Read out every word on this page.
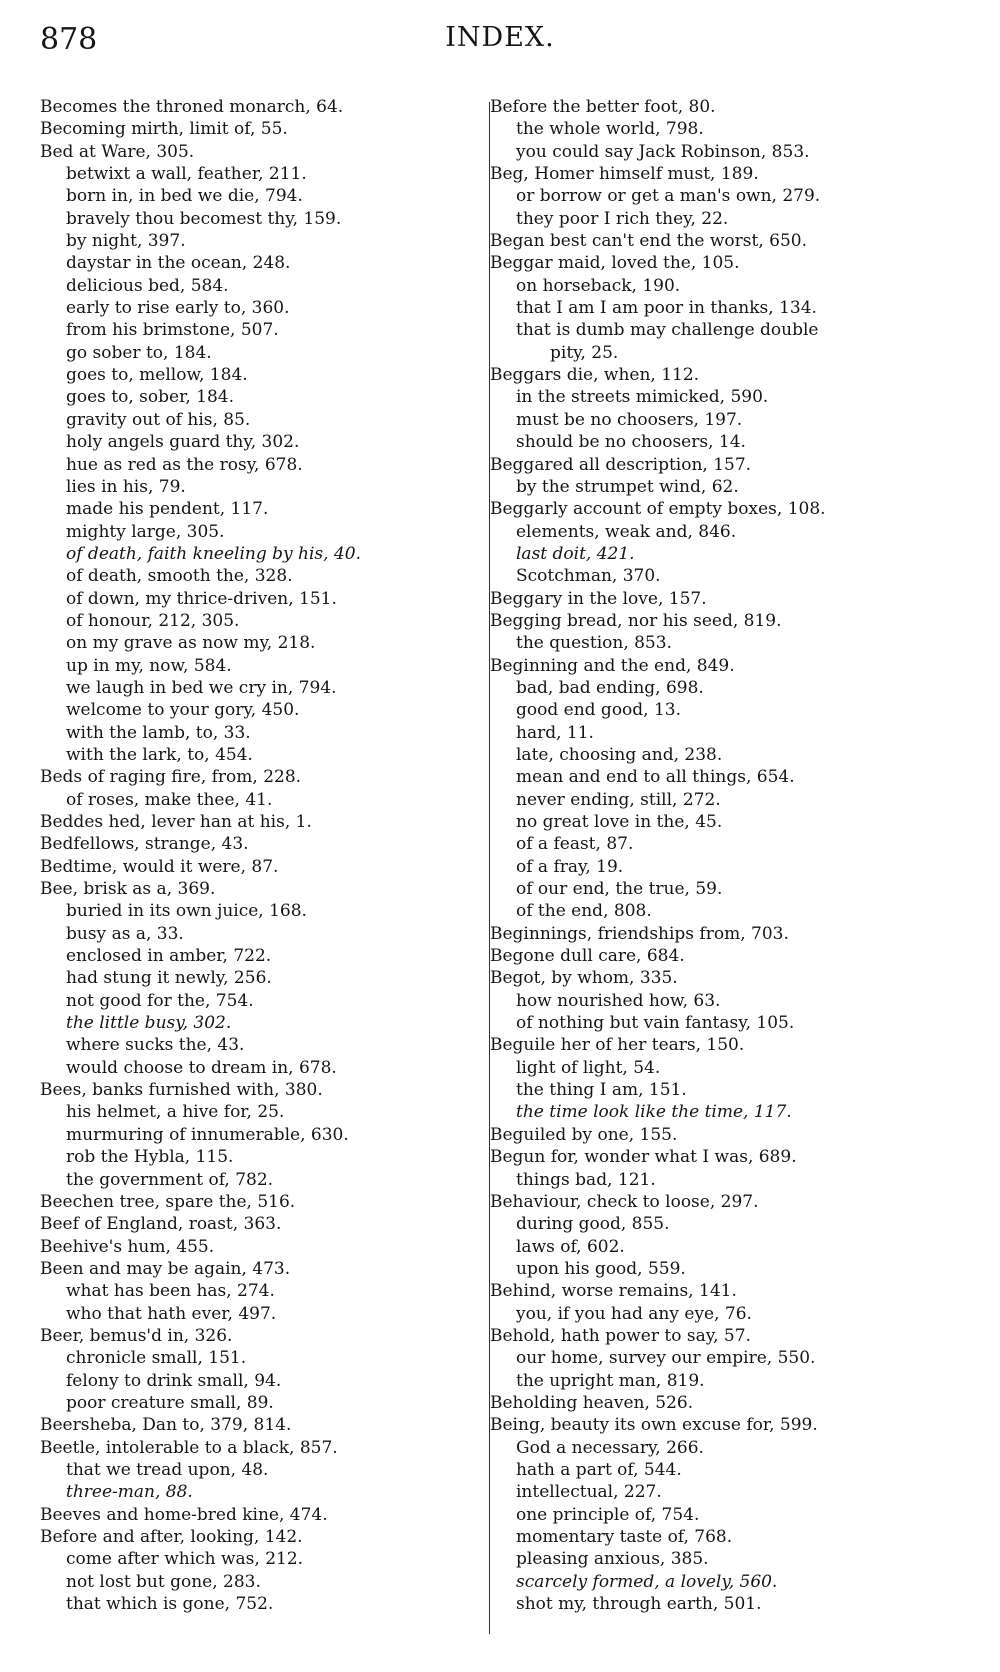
878	INDEX.
Becomes the throned monarch, 64.
Becoming mirth, limit of, 55.
Bed at Ware, 305.
betwixt a wall, feather, 211.
born in, in bed we die, 794.
bravely thou becomest thy, 159.
by night, 397.
daystar in the ocean, 248.
delicious bed, 584.
early to rise early to, 360.
from his brimstone, 507.
go sober to, 184.
goes to, mellow, 184.
goes to, sober, 184.
gravity out of his, 85.
holy angels guard thy, 302.
hue as red as the rosy, 678.
lies in his, 79.
made his pendent, 117.
mighty large, 305.
of death, faith kneeling by his, 40.
of death, smooth the, 328.
of down, my thrice-driven, 151.
of honour, 212, 305.
on my grave as now my, 218.
up in my, now, 584.
we laugh in bed we cry in, 794.
welcome to your gory, 450.
with the lamb, to, 33.
with the lark, to, 454.
Beds of raging fire, from, 228.
of roses, make thee, 41.
Beddes hed, lever han at his, 1.
Bedfellows, strange, 43.
Bedtime, would it were, 87.
Bee, brisk as a, 369.
buried in its own juice, 168.
busy as a, 33.
enclosed in amber, 722.
had stung it newly, 256.
not good for the, 754.
the little busy, 302.
where sucks the, 43.
would choose to dream in, 678.
Bees, banks furnished with, 380.
his helmet, a hive for, 25.
murmuring of innumerable, 630.
rob the Hybla, 115.
the government of, 782.
Beechen tree, spare the, 516.
Beef of England, roast, 363.
Beehive's hum, 455.
Been and may be again, 473.
what has been has, 274.
who that hath ever, 497.
Beer, bemus'd in, 326.
chronicle small, 151.
felony to drink small, 94.
poor creature small, 89.
Beersheba, Dan to, 379, 814.
Beetle, intolerable to a black, 857.
that we tread upon, 48.
three-man, 88.
Beeves and home-bred kine, 474.
Before and after, looking, 142.
come after which was, 212.
not lost but gone, 283.
that which is gone, 752.
Before the better foot, 80.
the whole world, 798.
you could say Jack Robinson, 853.
Beg, Homer himself must, 189.
or borrow or get a man's own, 279.
they poor I rich they, 22.
Began best can't end the worst, 650.
Beggar maid, loved the, 105.
on horseback, 190.
that I am I am poor in thanks, 134.
that is dumb may challenge double
pity, 25.
Beggars die, when, 112.
in the streets mimicked, 590.
must be no choosers, 197.
should be no choosers, 14.
Beggared all description, 157.
by the strumpet wind, 62.
Beggarly account of empty boxes, 108.
elements, weak and, 846.
last doit, 421.
Scotchman, 370.
Beggary in the love, 157.
Begging bread, nor his seed, 819.
the question, 853.
Beginning and the end, 849.
bad, bad ending, 698.
good end good, 13.
hard, 11.
late, choosing and, 238.
mean and end to all things, 654.
never ending, still, 272.
no great love in the, 45.
of a feast, 87.
of a fray, 19.
of our end, the true, 59.
of the end, 808.
Beginnings, friendships from, 703.
Begone dull care, 684.
Begot, by whom, 335.
how nourished how, 63.
of nothing but vain fantasy, 105.
Beguile her of her tears, 150.
light of light, 54.
the thing I am, 151.
the time look like the time, 117.
Beguiled by one, 155.
Begun for, wonder what I was, 689.
things bad, 121.
Behaviour, check to loose, 297.
during good, 855.
laws of, 602.
upon his good, 559.
Behind, worse remains, 141.
you, if you had any eye, 76.
Behold, hath power to say, 57.
our home, survey our empire, 550.
the upright man, 819.
Beholding heaven, 526.
Being, beauty its own excuse for, 599.
God a necessary, 266.
hath a part of, 544.
intellectual, 227.
one principle of, 754.
momentary taste of, 768.
pleasing anxious, 385.
scarcely formed, a lovely, 560.
shot my, through earth, 501.
